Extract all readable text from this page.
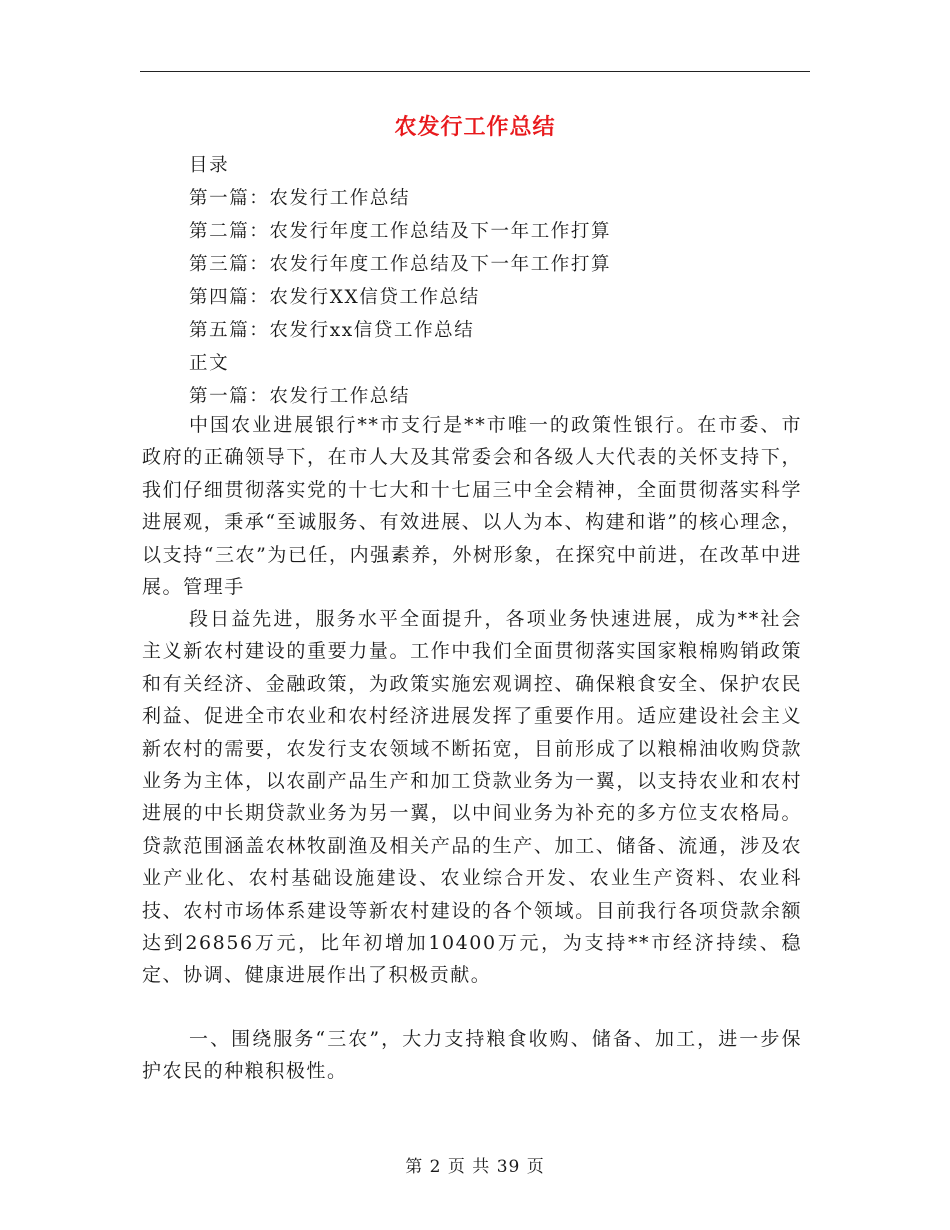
农发行工作总结
目录
第一篇：农发行工作总结
第二篇：农发行年度工作总结及下一年工作打算
第三篇：农发行年度工作总结及下一年工作打算
第四篇：农发行XX信贷工作总结
第五篇：农发行xx信贷工作总结
正文
第一篇：农发行工作总结

中国农业进展银行**市支行是**市唯一的政策性银行。在市委、市政府的正确领导下，在市人大及其常委会和各级人大代表的关怀支持下，我们仔细贯彻落实党的十七大和十七届三中全会精神，全面贯彻落实科学进展观，秉承“至诚服务、有效进展、以人为本、构建和谐”的核心理念，以支持“三农”为已任，内强素养，外树形象，在探究中前进，在改革中进展。管理手

段日益先进，服务水平全面提升，各项业务快速进展，成为**社会主义新农村建设的重要力量。工作中我们全面贯彻落实国家粮棉购销政策和有关经济、金融政策，为政策实施宏观调控、确保粮食安全、保护农民利益、促进全市农业和农村经济进展发挥了重要作用。适应建设社会主义新农村的需要，农发行支农领域不断拓宽，目前形成了以粮棉油收购贷款业务为主体，以农副产品生产和加工贷款业务为一翼，以支持农业和农村进展的中长期贷款业务为另一翼，以中间业务为补充的多方位支农格局。贷款范围涵盖农林牧副渔及相关产品的生产、加工、储备、流通，涉及农业产业化、农村基础设施建设、农业综合开发、农业生产资料、农业科技、农村市场体系建设等新农村建设的各个领域。目前我行各项贷款余额达到26856万元，比年初增加10400万元，为支持**市经济持续、稳定、协调、健康进展作出了积极贡献。

一、围绕服务“三农”，大力支持粮食收购、储备、加工，进一步保护农民的种粮积极性。

第 2 页 共 39 页
